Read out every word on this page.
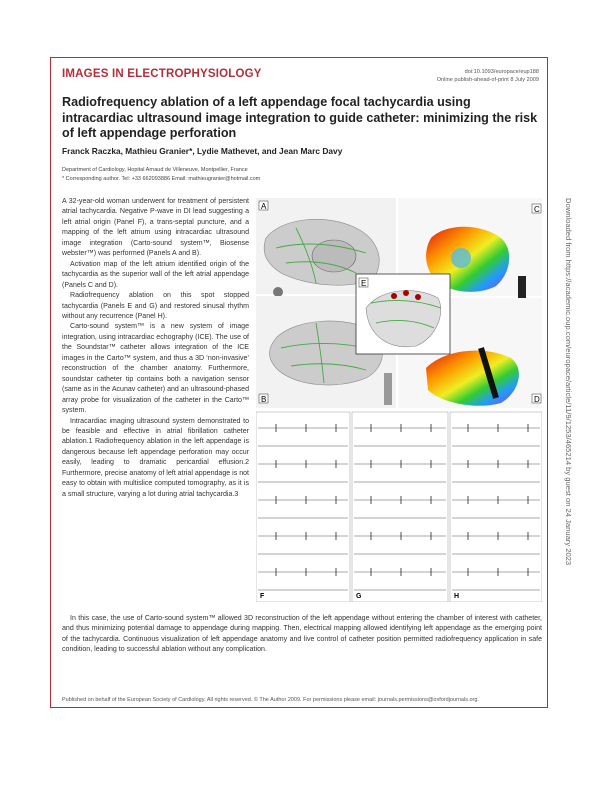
IMAGES IN ELECTROPHYSIOLOGY	doi:10.1093/europace/eup188
Online publish-ahead-of-print 8 July 2009
Radiofrequency ablation of a left appendage focal tachycardia using intracardiac ultrasound image integration to guide catheter: minimizing the risk of left appendage perforation
Franck Raczka, Mathieu Granier*, Lydie Mathevet, and Jean Marc Davy
Department of Cardiology, Hopital Arnaud de Villeneuve, Montpellier, France
* Corresponding author. Tel: +33 662093886 Email: mathieugranier@hotmail.com

A 32-year-old woman underwent for treatment of persistent atrial tachycardia. Negative P-wave in DI lead suggesting a left atrial origin (Panel F), a trans-septal puncture, and a mapping of the left atrium using intracardiac ultrasound image integration (Carto-sound system™, Biosense webster™) was performed (Panels A and B).

Activation map of the left atrium identified origin of the tachycardia as the superior wall of the left atrial appendage (Panels C and D).

Radiofrequency ablation on this spot stopped tachycardia (Panels E and G) and restored sinusal rhythm without any recurrence (Panel H).

Carto-sound system™ is a new system of image integration, using intracardiac echography (ICE). The use of the Soundstar™ catheter allows integration of the ICE images in the Carto™ system, and thus a 3D ‘non-invasive’ reconstruction of the chamber anatomy. Furthermore, soundstar catheter tip contains both a navigation sensor (same as in the Acunav catheter) and an ultrasound-phased array probe for visualization of the catheter in the Carto™ system.

Intracardiac imaging ultrasound system demonstrated to be feasible and effective in atrial fibrillation catheter ablation.1 Radiofrequency ablation in the left appendage is dangerous because left appendage perforation may occur easily, leading to dramatic pericardial effusion.2 Furthermore, precise anatomy of left atrial appendage is not easy to obtain with multislice computed tomography, as it is a small structure, varying a lot during atrial tachycardia.3

A
B
C
D
E
F	G	H

In this case, the use of Carto-sound system™ allowed 3D reconstruction of the left appendage without entering the chamber of interest with catheter, and thus minimizing potential damage to appendage during mapping. Then, electrical mapping allowed identifying left appendage as the emerging point of the tachycardia. Continuous visualization of left appendage anatomy and live control of catheter position permitted radiofrequency application in safe condition, leading to successful ablation without any complication.

Published on behalf of the European Society of Cardiology. All rights reserved. © The Author 2009. For permissions please email: journals.permissions@oxfordjournals.org.
Downloaded from https://academic.oup.com/europace/article/11/9/1253/465214 by guest on 24 January 2023
